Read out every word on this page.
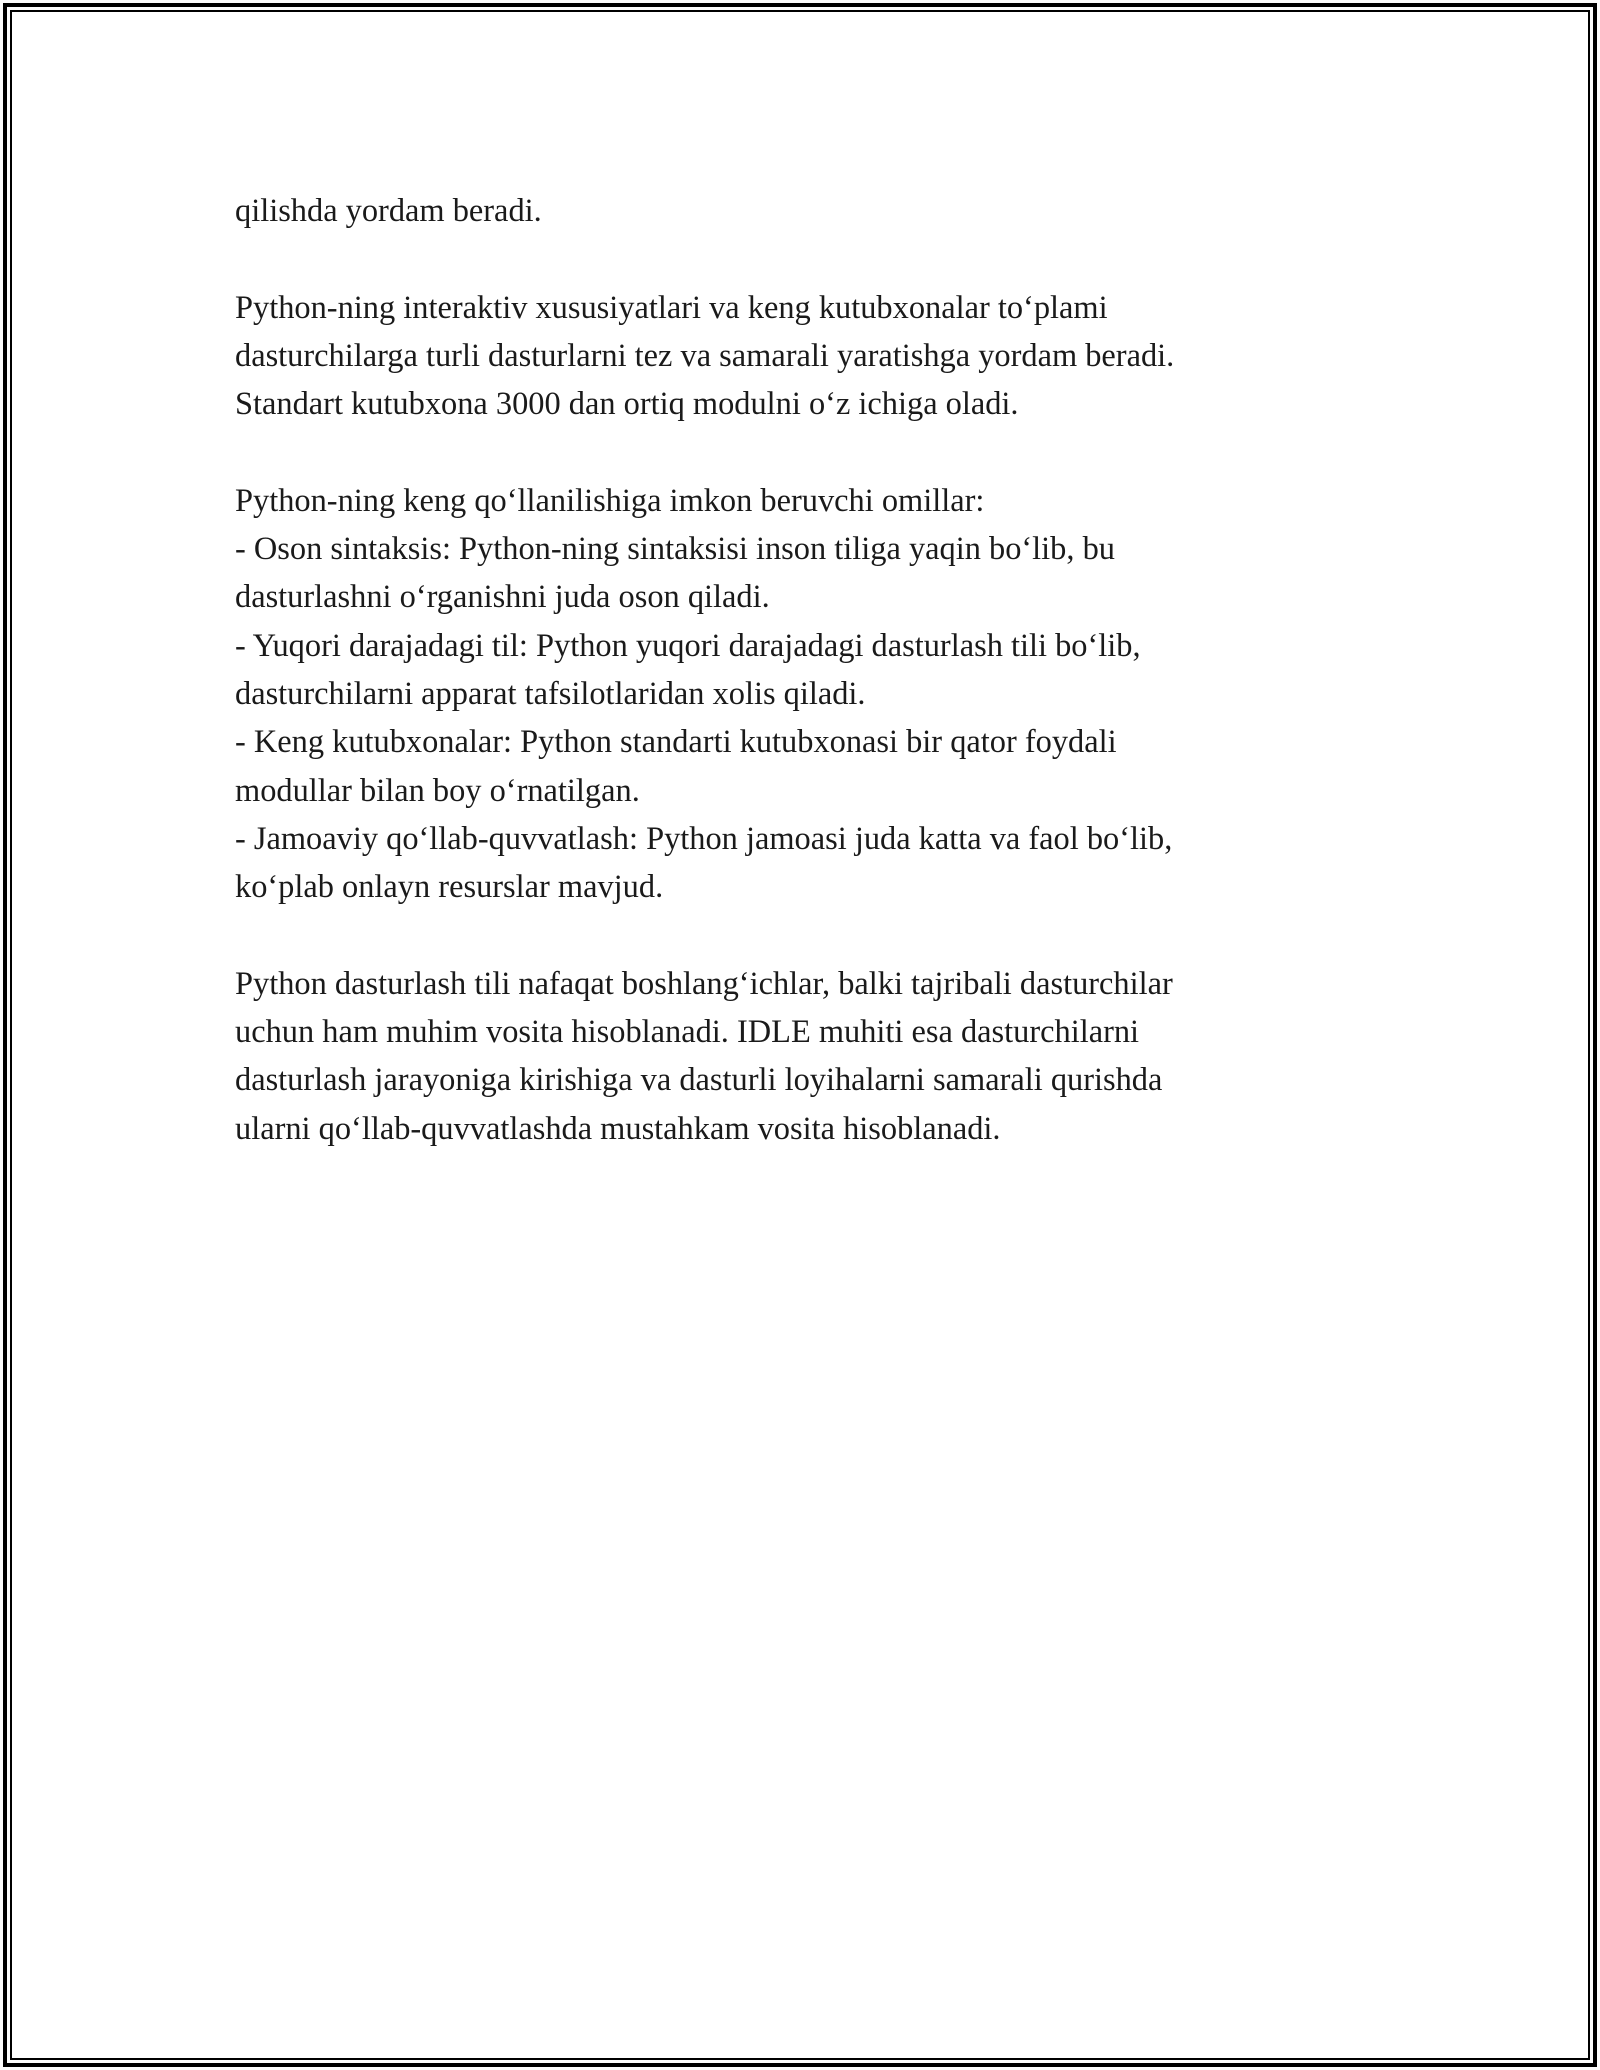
qilishda yordam beradi.

Python-ning interaktiv xususiyatlari va keng kutubxonalar to‘plami
dasturchilarga turli dasturlarni tez va samarali yaratishga yordam beradi.
Standart kutubxona 3000 dan ortiq modulni o‘z ichiga oladi.

Python-ning keng qo‘llanilishiga imkon beruvchi omillar:
- Oson sintaksis: Python-ning sintaksisi inson tiliga yaqin bo‘lib, bu
dasturlashni o‘rganishni juda oson qiladi.
- Yuqori darajadagi til: Python yuqori darajadagi dasturlash tili bo‘lib,
dasturchilarni apparat tafsilotlaridan xolis qiladi.
- Keng kutubxonalar: Python standarti kutubxonasi bir qator foydali
modullar bilan boy o‘rnatilgan.
- Jamoaviy qo‘llab-quvvatlash: Python jamoasi juda katta va faol bo‘lib,
ko‘plab onlayn resurslar mavjud.

Python dasturlash tili nafaqat boshlang‘ichlar, balki tajribali dasturchilar
uchun ham muhim vosita hisoblanadi. IDLE muhiti esa dasturchilarni
dasturlash jarayoniga kirishiga va dasturli loyihalarni samarali qurishda
ularni qo‘llab-quvvatlashda mustahkam vosita hisoblanadi.
